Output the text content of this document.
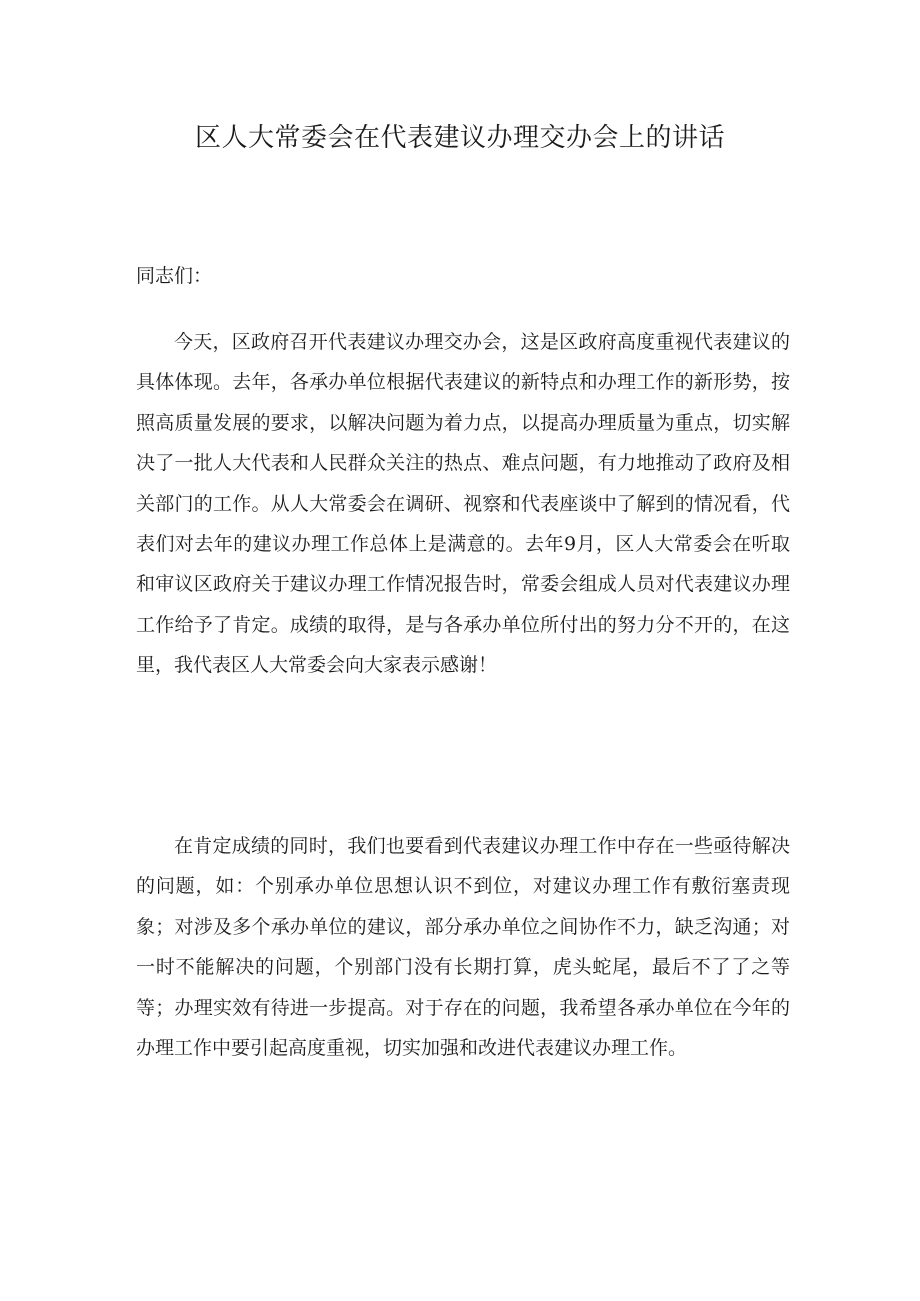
区人大常委会在代表建议办理交办会上的讲话

同志们：

今天，区政府召开代表建议办理交办会，这是区政府高度重视代表建议的具体体现。去年，各承办单位根据代表建议的新特点和办理工作的新形势，按照高质量发展的要求，以解决问题为着力点，以提高办理质量为重点，切实解决了一批人大代表和人民群众关注的热点、难点问题，有力地推动了政府及相关部门的工作。从人大常委会在调研、视察和代表座谈中了解到的情况看，代表们对去年的建议办理工作总体上是满意的。去年9月，区人大常委会在听取和审议区政府关于建议办理工作情况报告时，常委会组成人员对代表建议办理工作给予了肯定。成绩的取得，是与各承办单位所付出的努力分不开的，在这里，我代表区人大常委会向大家表示感谢！

在肯定成绩的同时，我们也要看到代表建议办理工作中存在一些亟待解决的问题，如：个别承办单位思想认识不到位，对建议办理工作有敷衍塞责现象；对涉及多个承办单位的建议，部分承办单位之间协作不力，缺乏沟通；对一时不能解决的问题，个别部门没有长期打算，虎头蛇尾，最后不了了之等等；办理实效有待进一步提高。对于存在的问题，我希望各承办单位在今年的办理工作中要引起高度重视，切实加强和改进代表建议办理工作。
